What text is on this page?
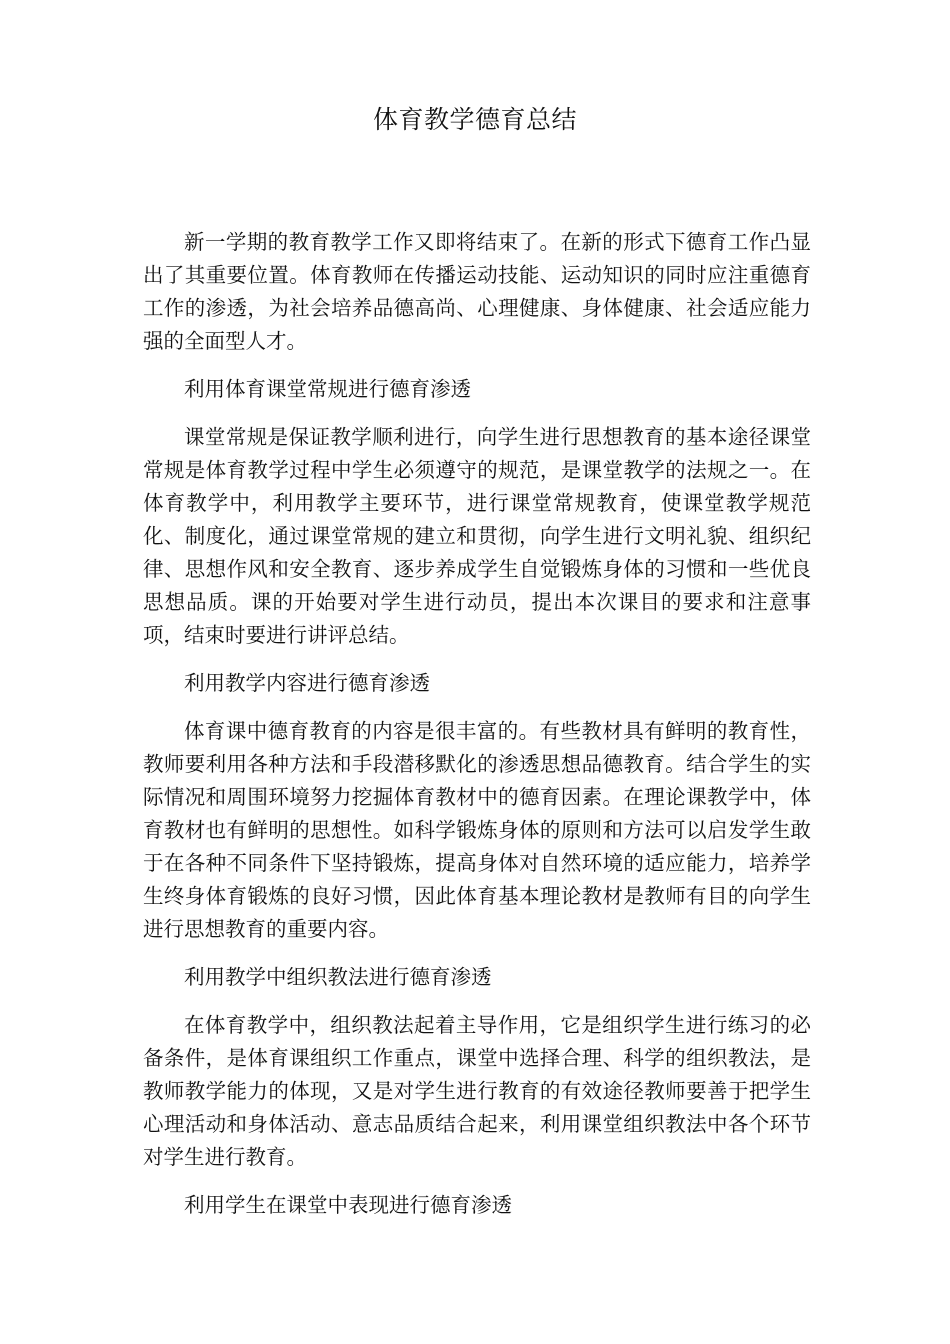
体育教学德育总结

新一学期的教育教学工作又即将结束了。在新的形式下德育工作凸显出了其重要位置。体育教师在传播运动技能、运动知识的同时应注重德育工作的渗透，为社会培养品德高尚、心理健康、身体健康、社会适应能力强的全面型人才。

利用体育课堂常规进行德育渗透

课堂常规是保证教学顺利进行，向学生进行思想教育的基本途径课堂常规是体育教学过程中学生必须遵守的规范，是课堂教学的法规之一。在体育教学中，利用教学主要环节，进行课堂常规教育，使课堂教学规范化、制度化，通过课堂常规的建立和贯彻，向学生进行文明礼貌、组织纪律、思想作风和安全教育、逐步养成学生自觉锻炼身体的习惯和一些优良思想品质。课的开始要对学生进行动员，提出本次课目的要求和注意事项，结束时要进行讲评总结。

利用教学内容进行德育渗透

体育课中德育教育的内容是很丰富的。有些教材具有鲜明的教育性，教师要利用各种方法和手段潜移默化的渗透思想品德教育。结合学生的实际情况和周围环境努力挖掘体育教材中的德育因素。在理论课教学中，体育教材也有鲜明的思想性。如科学锻炼身体的原则和方法可以启发学生敢于在各种不同条件下坚持锻炼，提高身体对自然环境的适应能力，培养学生终身体育锻炼的良好习惯，因此体育基本理论教材是教师有目的向学生进行思想教育的重要内容。

利用教学中组织教法进行德育渗透

在体育教学中，组织教法起着主导作用，它是组织学生进行练习的必备条件，是体育课组织工作重点，课堂中选择合理、科学的组织教法，是教师教学能力的体现，又是对学生进行教育的有效途径教师要善于把学生心理活动和身体活动、意志品质结合起来，利用课堂组织教法中各个环节对学生进行教育。

利用学生在课堂中表现进行德育渗透
